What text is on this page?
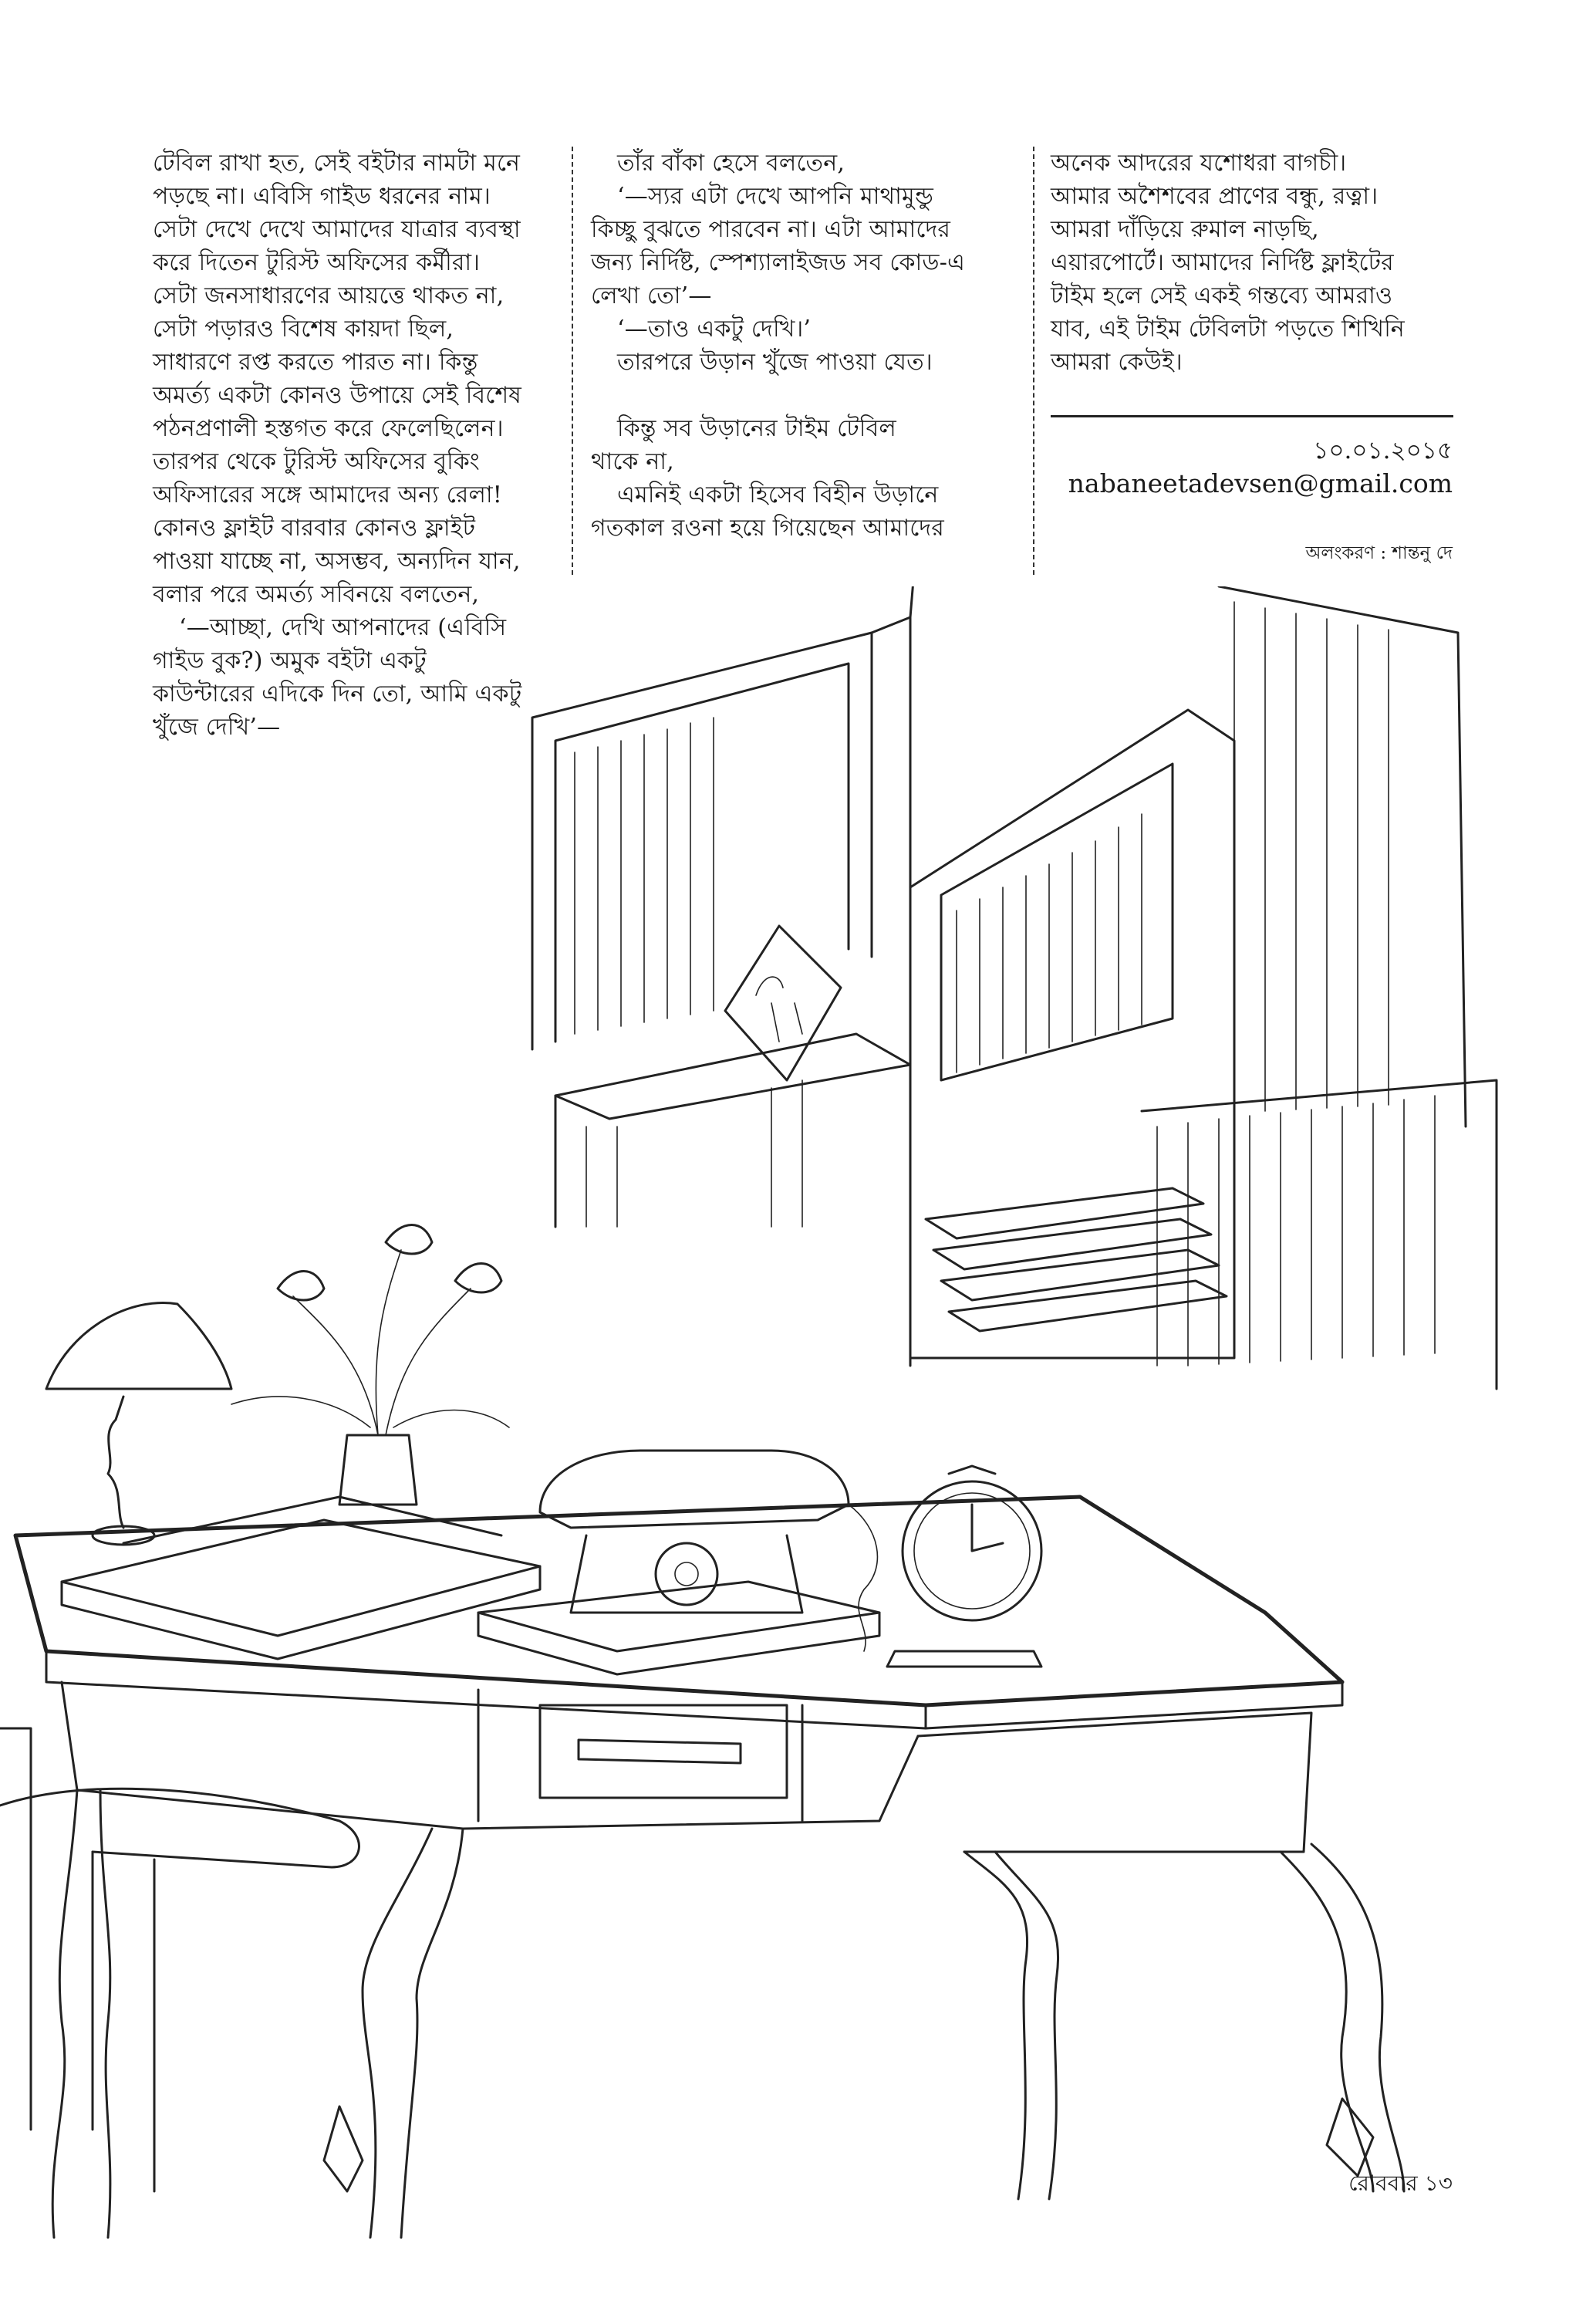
টেবিল রাখা হত, সেই বইটার নামটা মনে

পড়ছে না। এবিসি গাইড ধরনের নাম।

সেটা দেখে দেখে আমাদের যাত্রার ব্যবস্থা

করে দিতেন টুরিস্ট অফিসের কর্মীরা।

সেটা জনসাধারণের আয়ত্তে থাকত না,

সেটা পড়ারও বিশেষ কায়দা ছিল,

সাধারণে রপ্ত করতে পারত না। কিন্তু

অমর্ত্য একটা কোনও উপায়ে সেই বিশেষ

পঠনপ্রণালী হস্তগত করে ফেলেছিলেন।

তারপর থেকে টুরিস্ট অফিসের বুকিং

অফিসারের সঙ্গে আমাদের অন্য রেলা!

কোনও ফ্লাইট বারবার কোনও ফ্লাইট

পাওয়া যাচ্ছে না, অসম্ভব, অন্যদিন যান,

বলার পরে অমর্ত্য সবিনয়ে বলতেন,

‘—আচ্ছা, দেখি আপনাদের (এবিসি

গাইড বুক?) অমুক বইটা একটু

কাউন্টারের এদিকে দিন তো, আমি একটু

খুঁজে দেখি’—

তাঁর বাঁকা হেসে বলতেন,

‘—স্যর এটা দেখে আপনি মাথামুন্ডু

কিচ্ছু বুঝতে পারবেন না। এটা আমাদের

জন্য নির্দিষ্ট, স্পেশ্যালাইজড সব কোড-এ

লেখা তো’—

‘—তাও একটু দেখি।’

তারপরে উড়ান খুঁজে পাওয়া যেত।

কিন্তু সব উড়ানের টাইম টেবিল

থাকে না,

এমনিই একটা হিসেব বিহীন উড়ানে

গতকাল রওনা হয়ে গিয়েছেন আমাদের

অনেক আদরের যশোধরা বাগচী।

আমার অশৈশবের প্রাণের বন্ধু, রত্না।

আমরা দাঁড়িয়ে রুমাল নাড়ছি,

এয়ারপোর্টে। আমাদের নির্দিষ্ট ফ্লাইটের

টাইম হলে সেই একই গন্তব্যে আমরাও

যাব, এই টাইম টেবিলটা পড়তে শিখিনি

আমরা কেউই।

১০.০১.২০১৫
nabaneetadevsen@gmail.com
অলংকরণ : শান্তনু দে
রোববার ১৩
